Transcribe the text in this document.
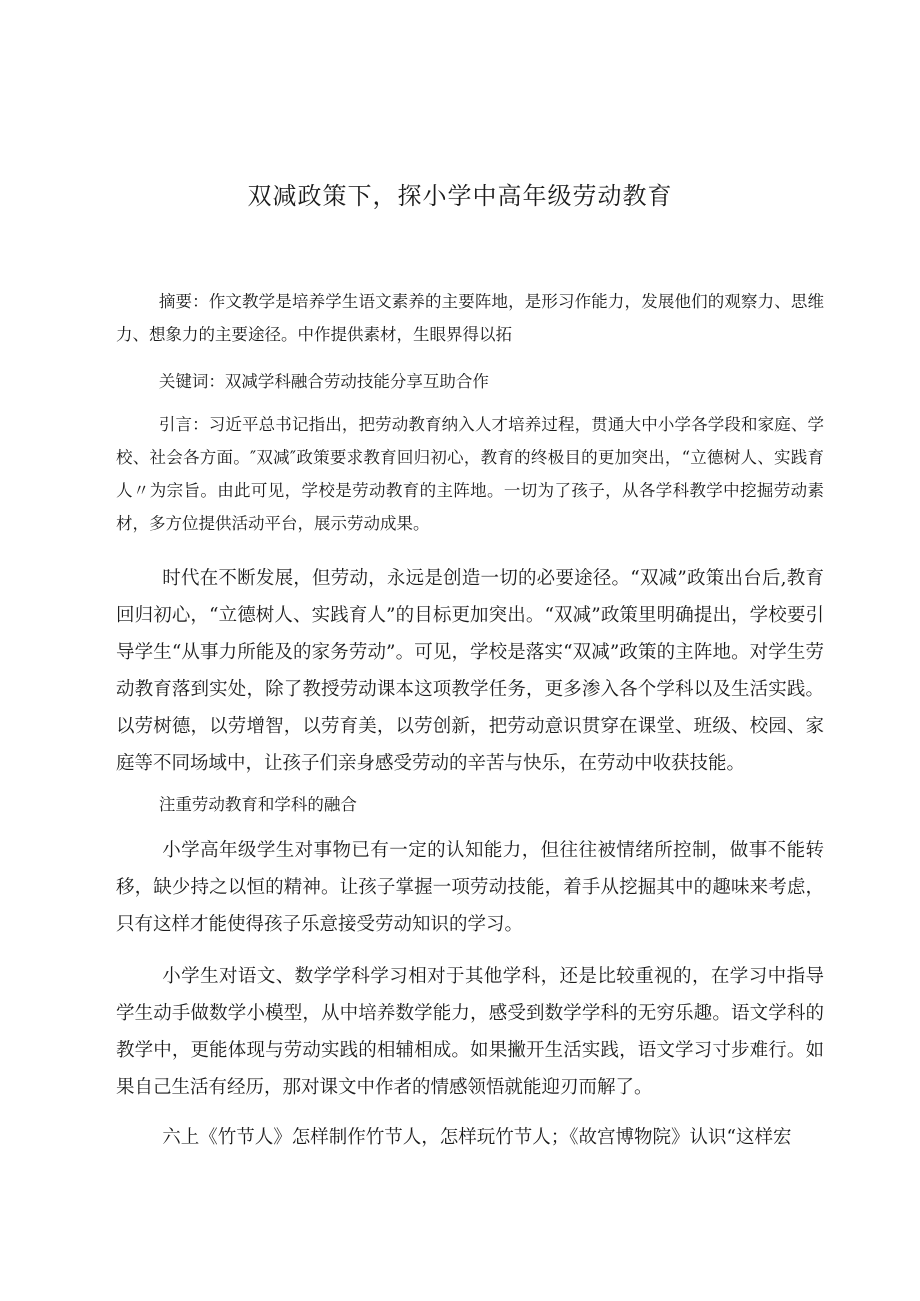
双减政策下，探小学中高年级劳动教育
摘要：作文教学是培养学生语文素养的主要阵地，是形习作能力，发展他们的观察力、思维力、想象力的主要途径。中作提供素材，生眼界得以拓
关键词：双减学科融合劳动技能分享互助合作
引言：习近平总书记指出，把劳动教育纳入人才培养过程，贯通大中小学各学段和家庭、学校、社会各方面。″双减″政策要求教育回归初心，教育的终极目的更加突出，“立德树人、实践育人〃为宗旨。由此可见，学校是劳动教育的主阵地。一切为了孩子，从各学科教学中挖掘劳动素材，多方位提供活动平台，展示劳动成果。
时代在不断发展，但劳动，永远是创造一切的必要途径。“双减”政策出台后,教育回归初心，“立德树人、实践育人”的目标更加突出。“双减”政策里明确提出，学校要引导学生“从事力所能及的家务劳动”。可见，学校是落实“双减”政策的主阵地。对学生劳动教育落到实处，除了教授劳动课本这项教学任务，更多渗入各个学科以及生活实践。以劳树德，以劳增智，以劳育美，以劳创新，把劳动意识贯穿在课堂、班级、校园、家庭等不同场域中，让孩子们亲身感受劳动的辛苦与快乐，在劳动中收获技能。
注重劳动教育和学科的融合
小学高年级学生对事物已有一定的认知能力，但往往被情绪所控制，做事不能转移，缺少持之以恒的精神。让孩子掌握一项劳动技能，着手从挖掘其中的趣味来考虑，只有这样才能使得孩子乐意接受劳动知识的学习。
小学生对语文、数学学科学习相对于其他学科，还是比较重视的，在学习中指导学生动手做数学小模型，从中培养数学能力，感受到数学学科的无穷乐趣。语文学科的教学中，更能体现与劳动实践的相辅相成。如果撇开生活实践，语文学习寸步难行。如果自己生活有经历，那对课文中作者的情感领悟就能迎刃而解了。
六上《竹节人》怎样制作竹节人，怎样玩竹节人；《故宫博物院》认识“这样宏
